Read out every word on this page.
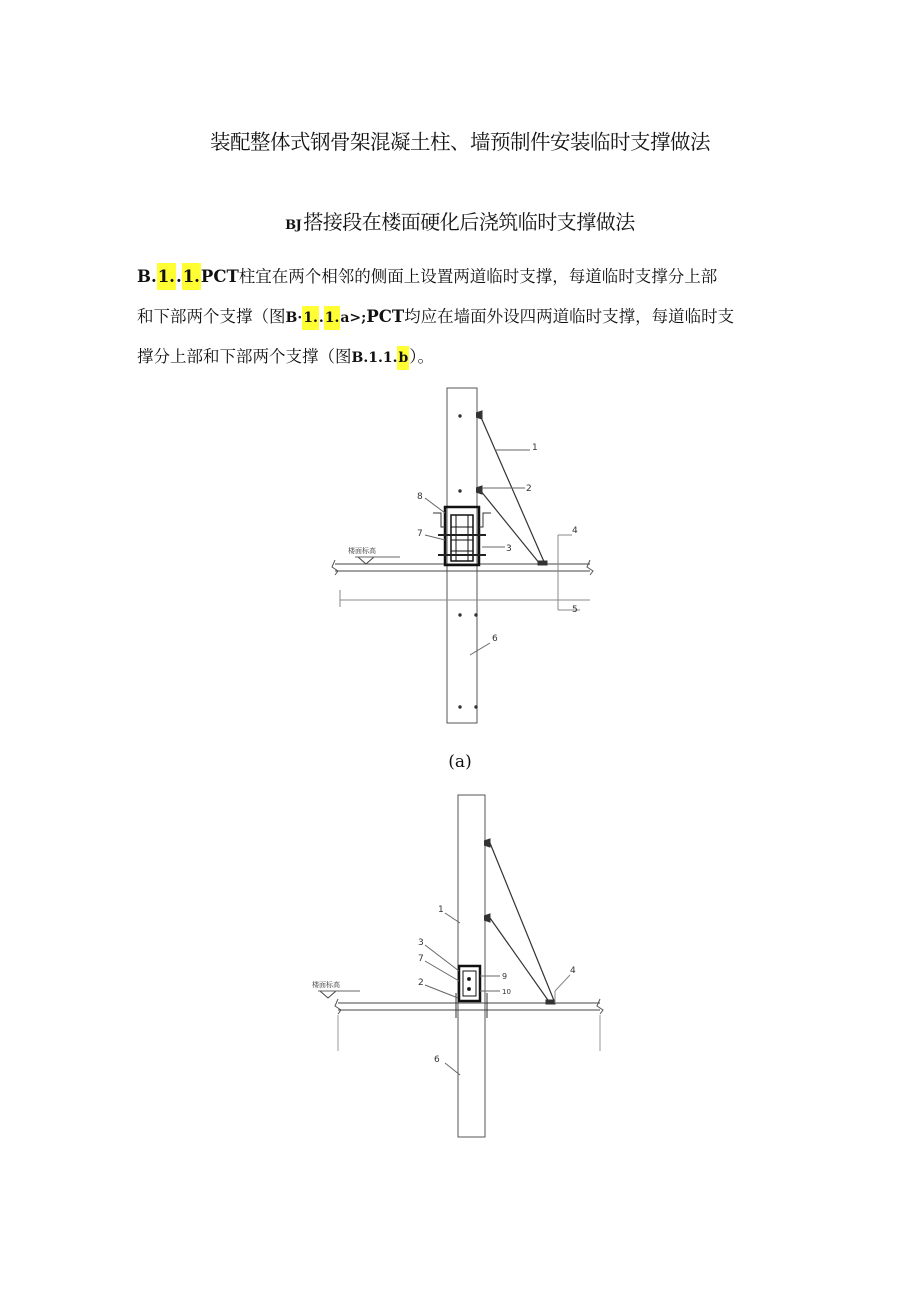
装配整体式钢骨架混凝土柱、墙预制件安装临时支撑做法
BJ 搭接段在楼面硬化后浇筑临时支撑做法
B.1..1.PCT柱宜在两个相邻的侧面上设置两道临时支撑，每道临时支撑分上部
和下部两个支撑（图B·1..1.a>;PCT均应在墙面外设四两道临时支撑，每道临时支
撑分上部和下部两个支撑（图B.1.1.b）。
楼面标高
1
2
3
4
5
6
7
8
(a)
楼面标高
1
2
3
4
6
7
9
10
